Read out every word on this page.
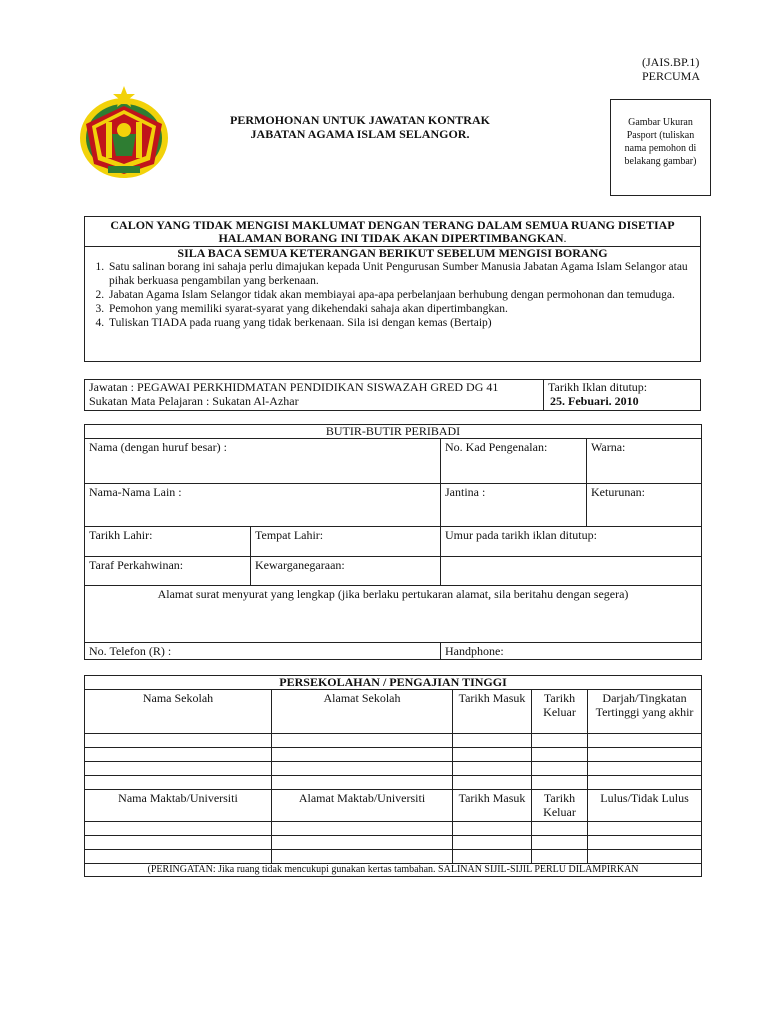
(JAIS.BP.1)
PERCUMA
PERMOHONAN UNTUK JAWATAN KONTRAK
JABATAN AGAMA ISLAM SELANGOR.
Gambar Ukuran Pasport (tuliskan nama pemohon di belakang gambar)
CALON YANG TIDAK MENGISI MAKLUMAT DENGAN TERANG DALAM SEMUA RUANG DISETIAP HALAMAN BORANG INI TIDAK AKAN DIPERTIMBANGKAN.
SILA BACA SEMUA KETERANGAN BERIKUT SEBELUM MENGISI BORANG
1. Satu salinan borang ini sahaja perlu dimajukan kepada Unit Pengurusan Sumber Manusia Jabatan Agama Islam Selangor atau pihak berkuasa pengambilan yang berkenaan.
2. Jabatan Agama Islam Selangor tidak akan membiayai apa-apa perbelanjaan berhubung dengan permohonan dan temuduga.
3. Pemohon yang memiliki syarat-syarat yang dikehendaki sahaja akan dipertimbangkan.
4. Tuliskan TIADA pada ruang yang tidak berkenaan. Sila isi dengan kemas (Bertaip)
Jawatan : PEGAWAI PERKHIDMATAN PENDIDIKAN SISWAZAH GRED DG 41
Sukatan Mata Pelajaran : Sukatan Al-Azhar
Tarikh Iklan ditutup:
25. Febuari. 2010
BUTIR-BUTIR PERIBADI			
Nama (dengan huruf besar) :		No. Kad Pengenalan:	Warna:
Nama-Nama Lain :		Jantina :	Keturunan:
Tarikh Lahir:	Tempat Lahir:	Umur pada tarikh iklan ditutup:	
Taraf Perkahwinan:	Kewarganegaraan:		
Alamat surat menyurat yang lengkap (jika berlaku pertukaran alamat, sila beritahu dengan segera)			
No. Telefon (R) :		Handphone:	
PERSEKOLAHAN / PENGAJIAN TINGGI				
Nama Sekolah	Alamat Sekolah	Tarikh Masuk	Tarikh Keluar	Darjah/Tingkatan Tertinggi yang akhir

Nama Maktab/Universiti	Alamat Maktab/Universiti	Tarikh Masuk	Tarikh Keluar	Lulus/Tidak Lulus

(PERINGATAN: Jika ruang tidak mencukupi gunakan kertas tambahan. SALINAN SIJIL-SIJIL PERLU DILAMPIRKAN				
